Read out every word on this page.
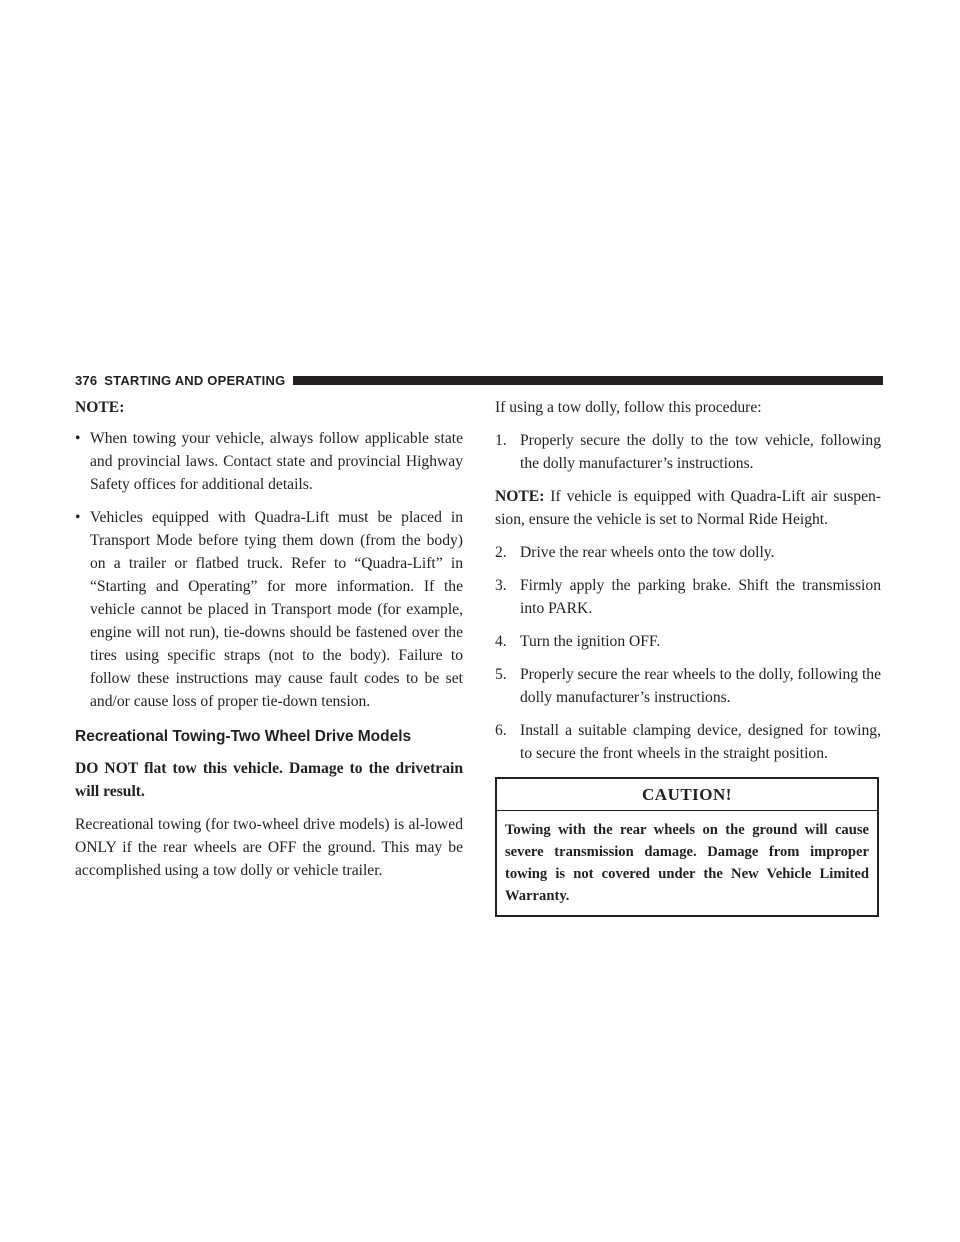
376 STARTING AND OPERATING
NOTE:
• When towing your vehicle, always follow applicable state and provincial laws. Contact state and provincial Highway Safety offices for additional details.
• Vehicles equipped with Quadra-Lift must be placed in Transport Mode before tying them down (from the body) on a trailer or flatbed truck. Refer to “Quadra-Lift” in “Starting and Operating” for more information. If the vehicle cannot be placed in Transport mode (for example, engine will not run), tie-downs should be fastened over the tires using specific straps (not to the body). Failure to follow these instructions may cause fault codes to be set and/or cause loss of proper tie-down tension.
Recreational Towing-Two Wheel Drive Models

DO NOT flat tow this vehicle. Damage to the drivetrain will result.

Recreational towing (for two-wheel drive models) is al-lowed ONLY if the rear wheels are OFF the ground. This may be accomplished using a tow dolly or vehicle trailer.

If using a tow dolly, follow this procedure:

1. Properly secure the dolly to the tow vehicle, following the dolly manufacturer’s instructions.

NOTE: If vehicle is equipped with Quadra-Lift air suspen-sion, ensure the vehicle is set to Normal Ride Height.

2. Drive the rear wheels onto the tow dolly.
3. Firmly apply the parking brake. Shift the transmission into PARK.
4. Turn the ignition OFF.
5. Properly secure the rear wheels to the dolly, following the dolly manufacturer’s instructions.
6. Install a suitable clamping device, designed for towing, to secure the front wheels in the straight position.
CAUTION!
Towing with the rear wheels on the ground will cause severe transmission damage. Damage from improper towing is not covered under the New Vehicle Limited Warranty.
